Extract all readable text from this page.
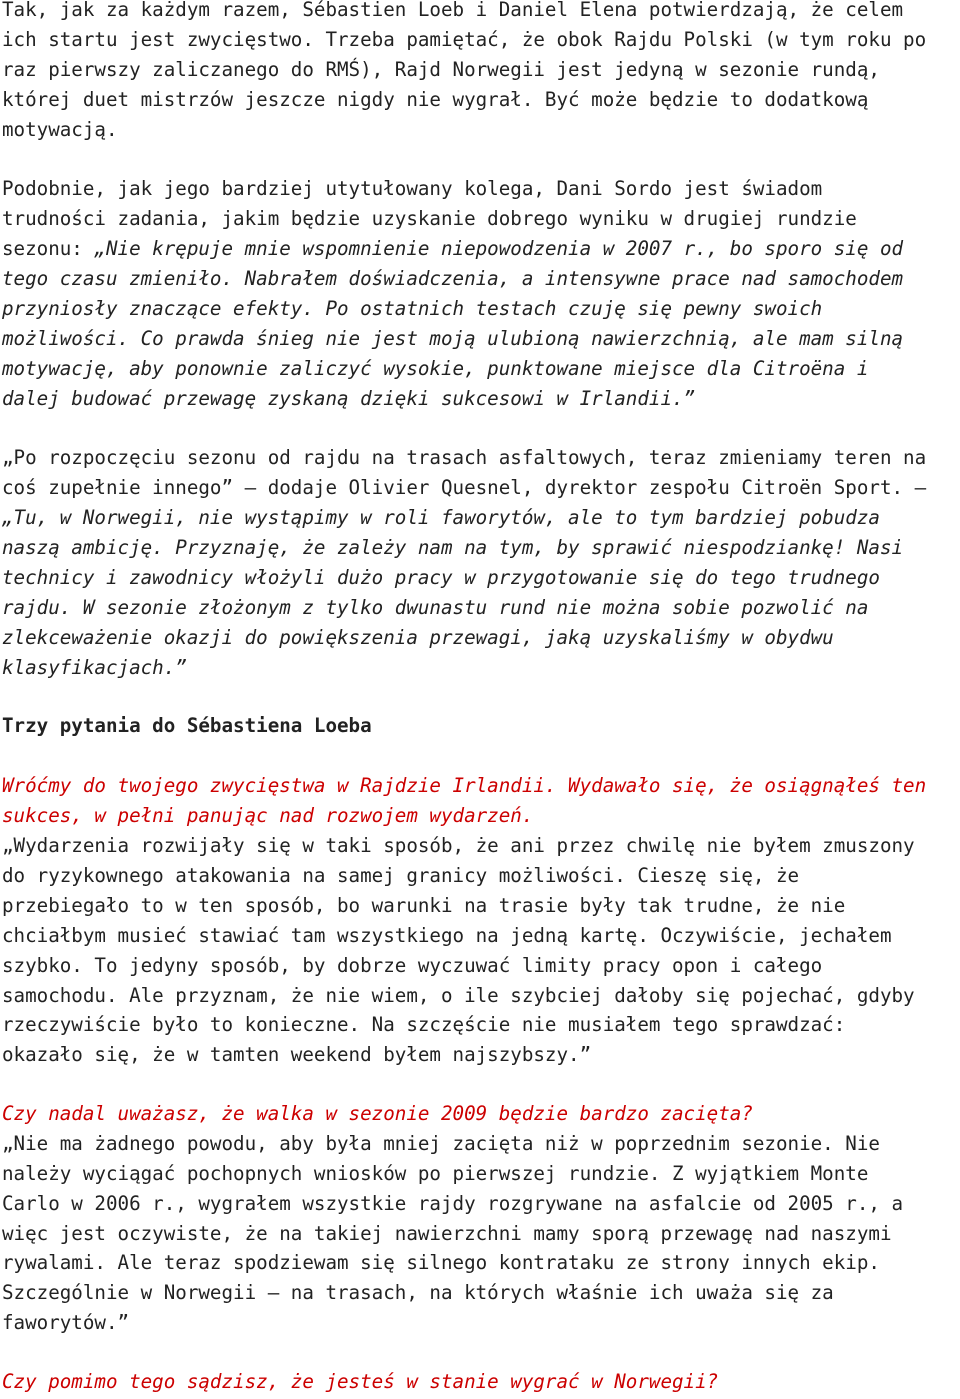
Tak, jak za każdym razem, Sébastien Loeb i Daniel Elena potwierdzają, że celem
ich startu jest zwycięstwo. Trzeba pamiętać, że obok Rajdu Polski (w tym roku po
raz pierwszy zaliczanego do RMŚ), Rajd Norwegii jest jedyną w sezonie rundą,
której duet mistrzów jeszcze nigdy nie wygrał. Być może będzie to dodatkową
motywacją.
Podobnie, jak jego bardziej utytułowany kolega, Dani Sordo jest świadom
trudności zadania, jakim będzie uzyskanie dobrego wyniku w drugiej rundzie
sezonu: „Nie krępuje mnie wspomnienie niepowodzenia w 2007 r., bo sporo się od
tego czasu zmieniło. Nabrałem doświadczenia, a intensywne prace nad samochodem
przyniosły znaczące efekty. Po ostatnich testach czuję się pewny swoich
możliwości. Co prawda śnieg nie jest moją ulubioną nawierzchnią, ale mam silną
motywację, aby ponownie zaliczyć wysokie, punktowane miejsce dla Citroëna i
dalej budować przewagę zyskaną dzięki sukcesowi w Irlandii.”
„Po rozpoczęciu sezonu od rajdu na trasach asfaltowych, teraz zmieniamy teren na
coś zupełnie innego” – dodaje Olivier Quesnel, dyrektor zespołu Citroën Sport. –
„Tu, w Norwegii, nie wystąpimy w roli faworytów, ale to tym bardziej pobudza
naszą ambicję. Przyznaję, że zależy nam na tym, by sprawić niespodziankę! Nasi
technicy i zawodnicy włożyli dużo pracy w przygotowanie się do tego trudnego
rajdu. W sezonie złożonym z tylko dwunastu rund nie można sobie pozwolić na
zlekceważenie okazji do powiększenia przewagi, jaką uzyskaliśmy w obydwu
klasyfikacjach.”
Trzy pytania do Sébastiena Loeba
Wróćmy do twojego zwycięstwa w Rajdzie Irlandii. Wydawało się, że osiągnąłeś ten
sukces, w pełni panując nad rozwojem wydarzeń.
„Wydarzenia rozwijały się w taki sposób, że ani przez chwilę nie byłem zmuszony
do ryzykownego atakowania na samej granicy możliwości. Cieszę się, że
przebiegało to w ten sposób, bo warunki na trasie były tak trudne, że nie
chciałbym musieć stawiać tam wszystkiego na jedną kartę. Oczywiście, jechałem
szybko. To jedyny sposób, by dobrze wyczuwać limity pracy opon i całego
samochodu. Ale przyznam, że nie wiem, o ile szybciej dałoby się pojechać, gdyby
rzeczywiście było to konieczne. Na szczęście nie musiałem tego sprawdzać:
okazało się, że w tamten weekend byłem najszybszy.”
Czy nadal uważasz, że walka w sezonie 2009 będzie bardzo zacięta?
„Nie ma żadnego powodu, aby była mniej zacięta niż w poprzednim sezonie. Nie
należy wyciągać pochopnych wniosków po pierwszej rundzie. Z wyjątkiem Monte
Carlo w 2006 r., wygrałem wszystkie rajdy rozgrywane na asfalcie od 2005 r., a
więc jest oczywiste, że na takiej nawierzchni mamy sporą przewagę nad naszymi
rywalami. Ale teraz spodziewam się silnego kontrataku ze strony innych ekip.
Szczególnie w Norwegii – na trasach, na których właśnie ich uważa się za
faworytów.”
Czy pomimo tego sądzisz, że jesteś w stanie wygrać w Norwegii?
